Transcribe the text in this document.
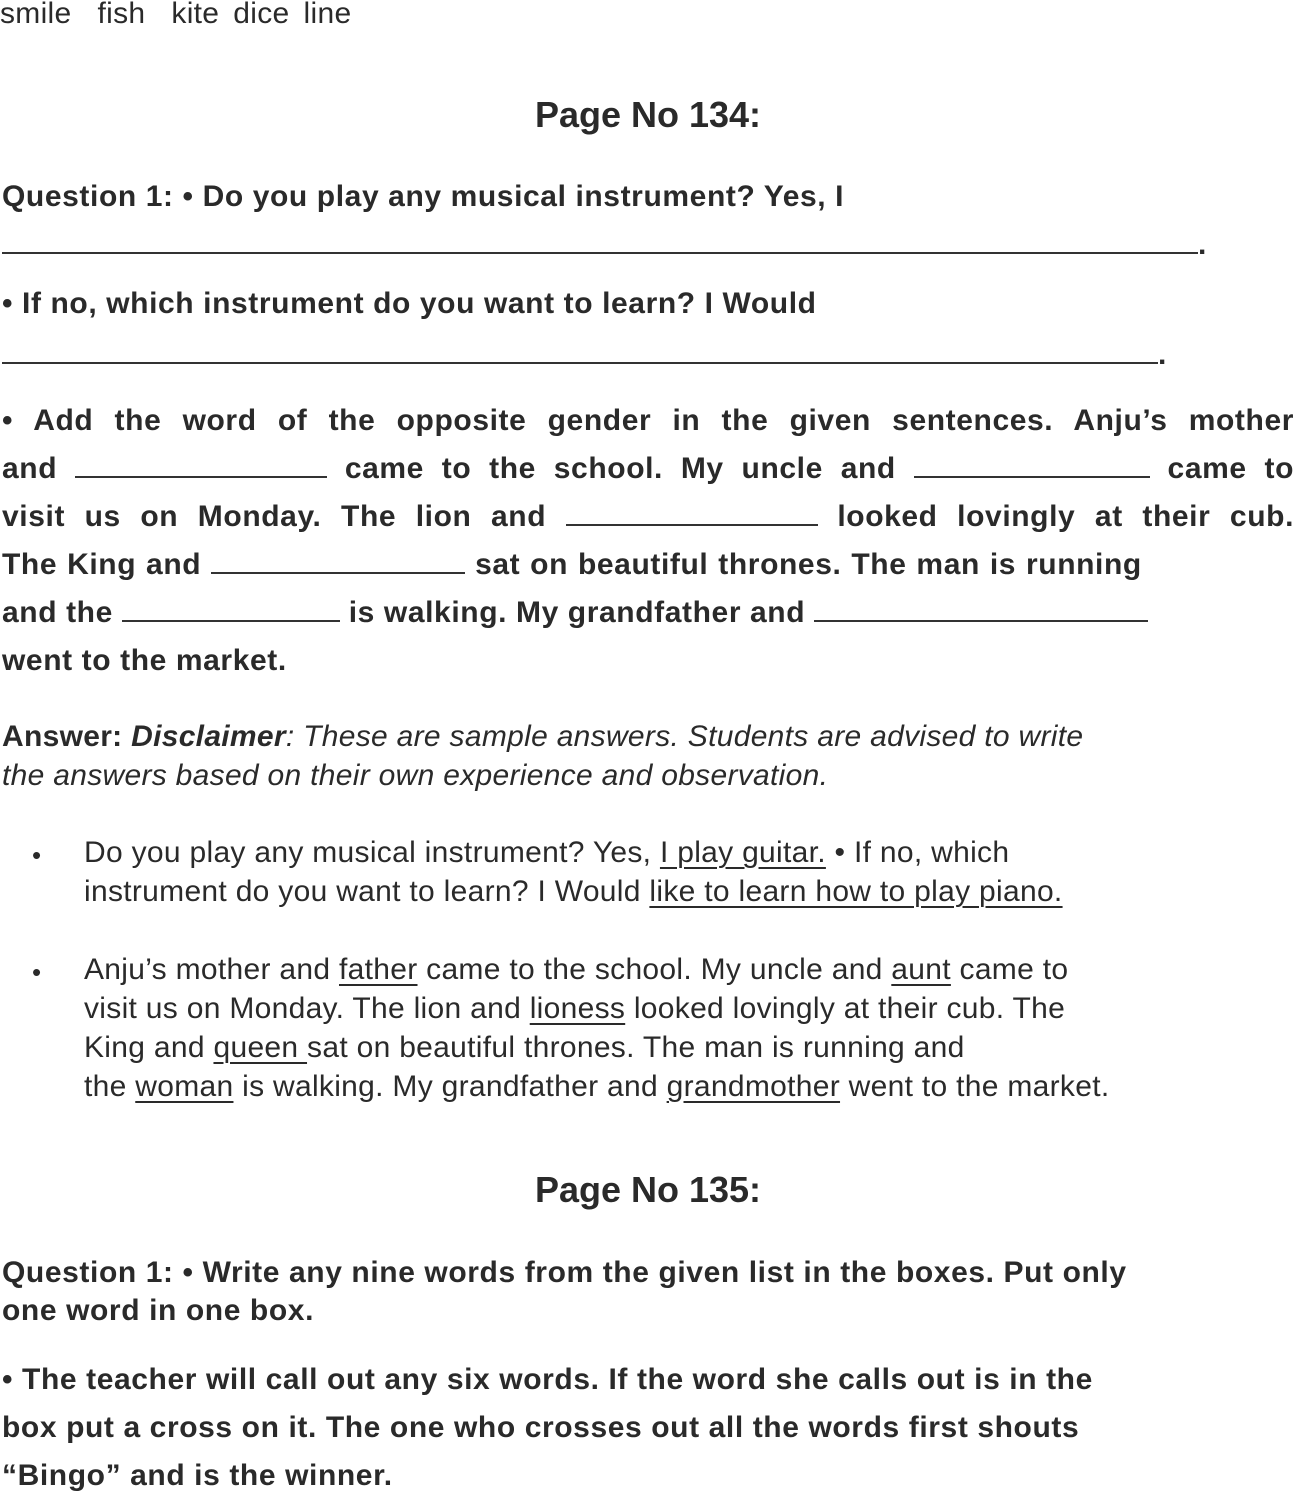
smile fish kite dice line
Page No 134:
Question 1: • Do you play any musical instrument? Yes, I
.
• If no, which instrument do you want to learn? I Would
.
• Add the word of the opposite gender in the given sentences. Anju’s mother
and	came to the school. My uncle and	came to
visit us on Monday. The lion and	looked lovingly at their cub.
The King and	sat on beautiful thrones. The man is running
and the	is walking. My grandfather and
went to the market.
Answer: Disclaimer: These are sample answers. Students are advised to write
the answers based on their own experience and observation.
• Do you play any musical instrument? Yes, I play guitar. • If no, which
instrument do you want to learn? I Would like to learn how to play piano.
• Anju’s mother and father came to the school. My uncle and aunt came to
visit us on Monday. The lion and lioness looked lovingly at their cub. The
King and queen sat on beautiful thrones. The man is running and
the woman is walking. My grandfather and grandmother went to the market.
Page No 135:
Question 1: • Write any nine words from the given list in the boxes. Put only
one word in one box.
• The teacher will call out any six words. If the word she calls out is in the
box put a cross on it. The one who crosses out all the words first shouts
“Bingo” and is the winner.
